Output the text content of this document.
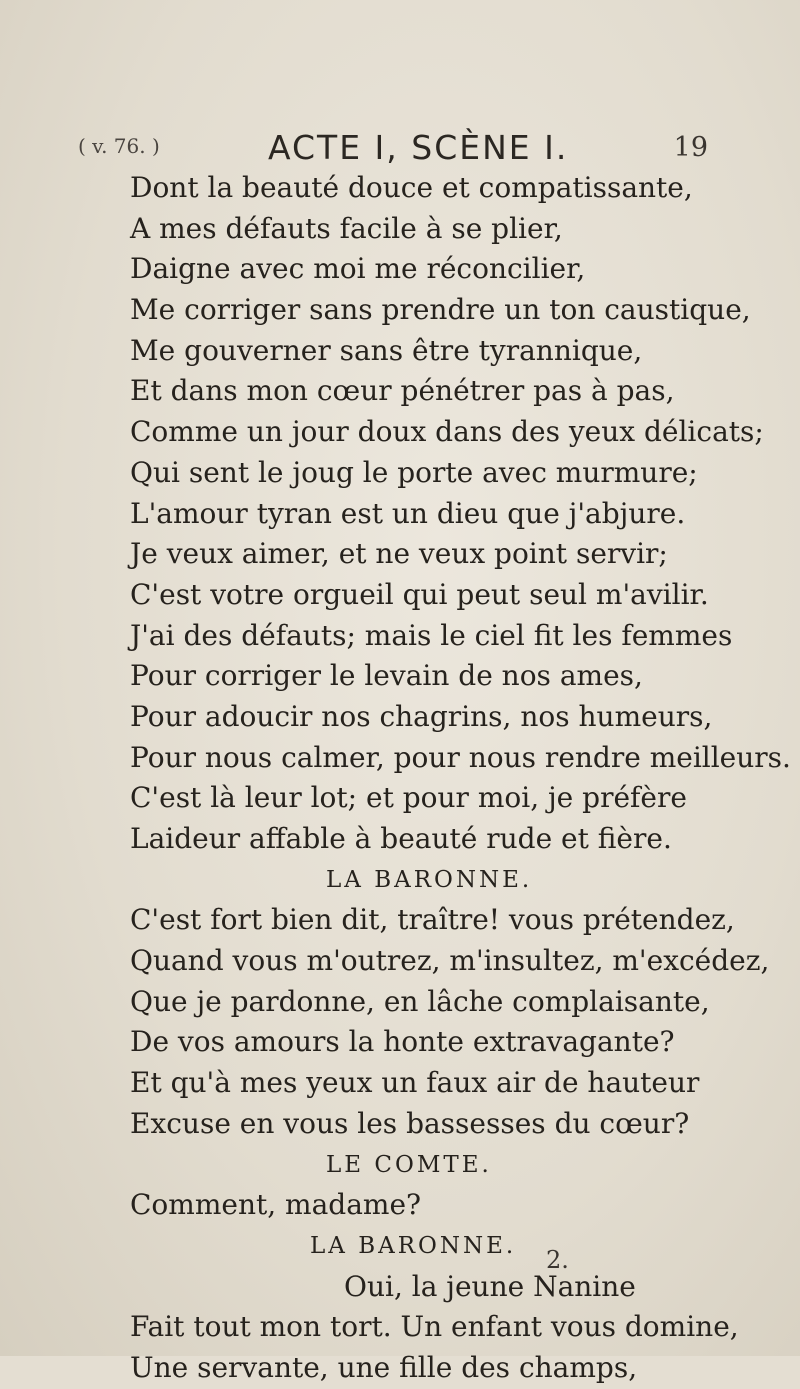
( v. 76. )	ACTE I, SCÈNE I.	19
Dont la beauté douce et compatissante,
A mes défauts facile à se plier,
Daigne avec moi me réconcilier,
Me corriger sans prendre un ton caustique,
Me gouverner sans être tyrannique,
Et dans mon cœur pénétrer pas à pas,
Comme un jour doux dans des yeux délicats;
Qui sent le joug le porte avec murmure;
L'amour tyran est un dieu que j'abjure.
Je veux aimer, et ne veux point servir;
C'est votre orgueil qui peut seul m'avilir.
J'ai des défauts; mais le ciel fit les femmes
Pour corriger le levain de nos ames,
Pour adoucir nos chagrins, nos humeurs,
Pour nous calmer, pour nous rendre meilleurs.
C'est là leur lot; et pour moi, je préfère
Laideur affable à beauté rude et fière.
LA BARONNE.
C'est fort bien dit, traître! vous prétendez,
Quand vous m'outrez, m'insultez, m'excédez,
Que je pardonne, en lâche complaisante,
De vos amours la honte extravagante?
Et qu'à mes yeux un faux air de hauteur
Excuse en vous les bassesses du cœur?
LE COMTE.
Comment, madame?
LA BARONNE.
Oui, la jeune Nanine
Fait tout mon tort. Un enfant vous domine,
Une servante, une fille des champs,
2.
